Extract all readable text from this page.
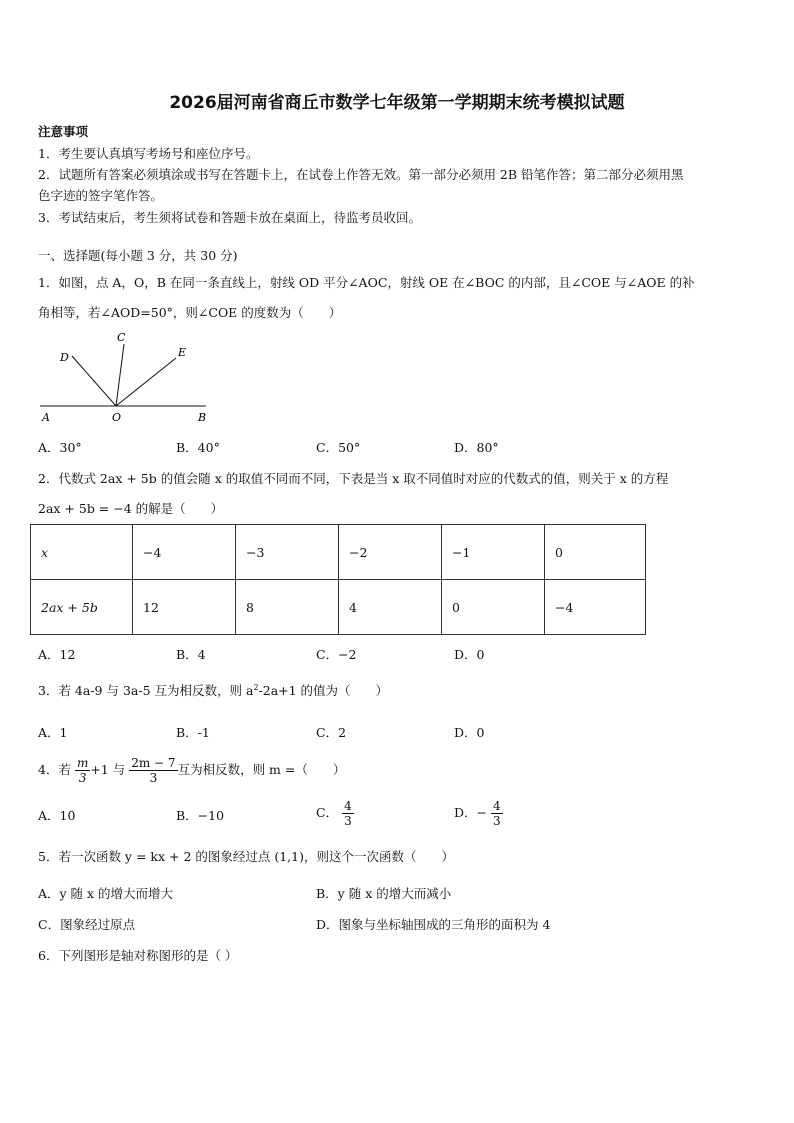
2026届河南省商丘市数学七年级第一学期期末统考模拟试题
注意事项
1．考生要认真填写考场号和座位序号。
2．试题所有答案必须填涂或书写在答题卡上，在试卷上作答无效。第一部分必须用 2B 铅笔作答；第二部分必须用黑
色字迹的签字笔作答。
3．考试结束后，考生须将试卷和答题卡放在桌面上，待监考员收回。
一、选择题(每小题 3 分，共 30 分)
1．如图，点 A，O，B 在同一条直线上，射线 OD 平分∠AOC，射线 OE 在∠BOC 的内部，且∠COE 与∠AOE 的补
角相等，若∠AOD=50°，则∠COE 的度数为（　　）
C
D	E
A	O	B
A．30°	B．40°	C．50°	D．80°
2．代数式 2ax + 5b 的值会随 x 的取值不同而不同，下表是当 x 取不同值时对应的代数式的值，则关于 x 的方程
2ax + 5b = −4 的解是（　　）
x	−4	−3	−2	−1	0
2ax + 5b	12	8	4	0	−4
A．12	B．4	C．−2	D．0
3．若 4a-9 与 3a-5 互为相反数，则 $a^2-2a+1$ 的值为（　　）
A．1	B．-1	C．2	D．0
4．若 $\frac{m}{3} +1$ 与 $\frac{2m - 7}{3}$ 互为相反数，则 m =（　　）
A．10	B．−10	C． $\frac{4}{3}$	D．− $\frac{4}{3}$
5．若一次函数 y = kx + 2 的图象经过点 (1,1)，则这个一次函数（　　）
A．y 随 x 的增大而增大	B．y 随 x 的增大而减小
C．图象经过原点	D．图象与坐标轴围成的三角形的面积为 4
6．下列图形是轴对称图形的是（ ）
